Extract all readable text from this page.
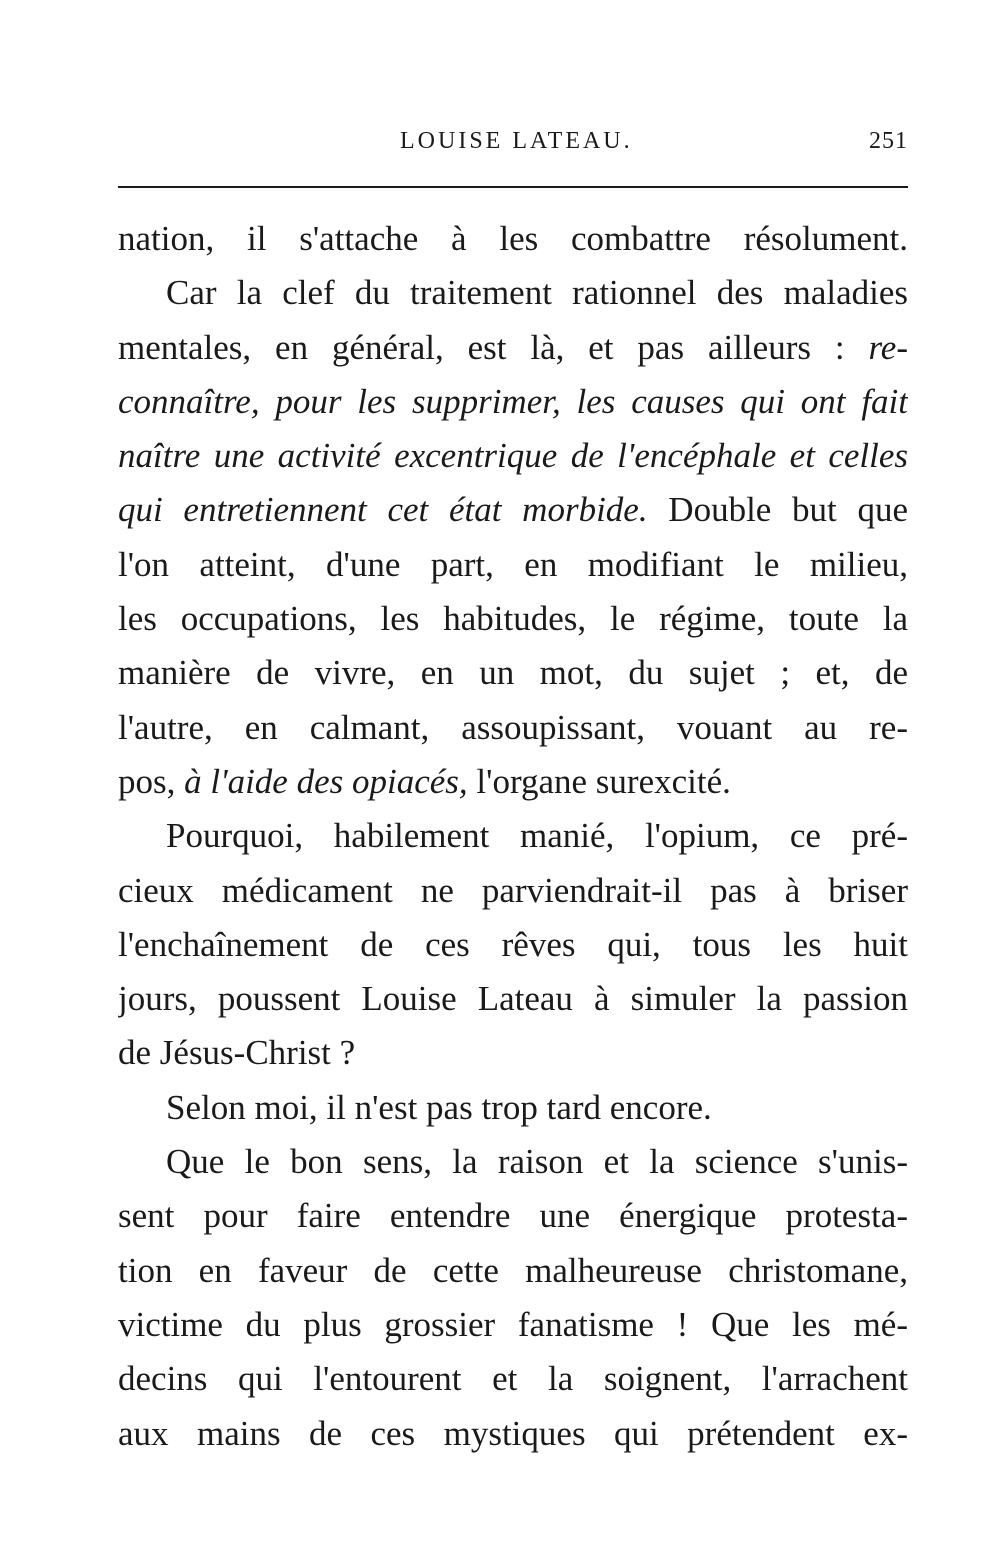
LOUISE LATEAU.	251
nation, il s'attache à les combattre résolument.
Car la clef du traitement rationnel des maladies
mentales, en général, est là, et pas ailleurs : re-
connaître, pour les supprimer, les causes qui ont fait
naître une activité excentrique de l'encéphale et celles
qui entretiennent cet état morbide. Double but que
l'on atteint, d'une part, en modifiant le milieu,
les occupations, les habitudes, le régime, toute la
manière de vivre, en un mot, du sujet ; et, de
l'autre, en calmant, assoupissant, vouant au re-
pos, à l'aide des opiacés, l'organe surexcité.
Pourquoi, habilement manié, l'opium, ce pré-
cieux médicament ne parviendrait-il pas à briser
l'enchaînement de ces rêves qui, tous les huit
jours, poussent Louise Lateau à simuler la passion
de Jésus-Christ ?
Selon moi, il n'est pas trop tard encore.
Que le bon sens, la raison et la science s'unis-
sent pour faire entendre une énergique protesta-
tion en faveur de cette malheureuse christomane,
victime du plus grossier fanatisme ! Que les mé-
decins qui l'entourent et la soignent, l'arrachent
aux mains de ces mystiques qui prétendent ex-
